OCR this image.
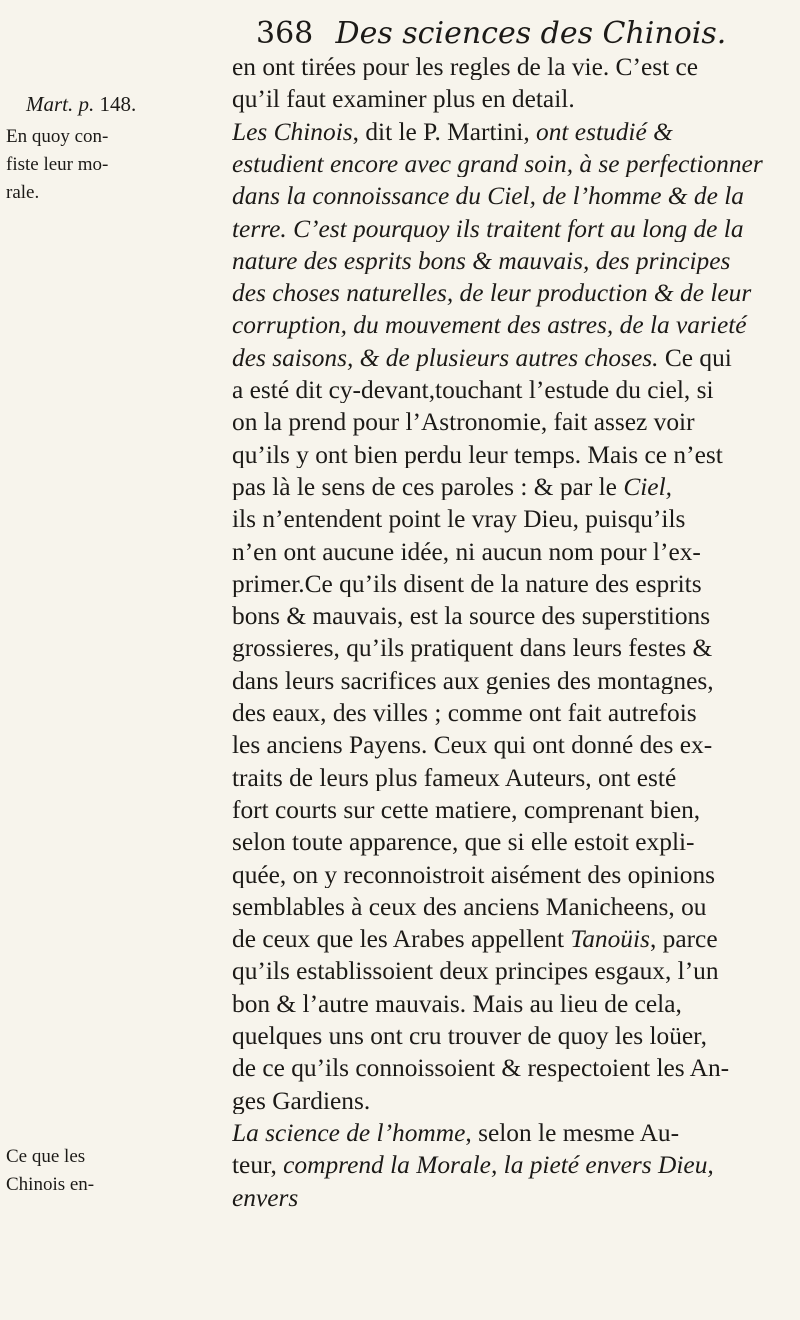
368 Des sciences des Chinois.
Mart. p. 148.
En quoy con-
fiste leur mo-
rale.
Ce que les
Chinois en-
en ont tirées pour les regles de la vie. C’est ce
qu’il faut examiner plus en detail.
Les Chinois, dit le P. Martini, ont estudié &
estudient encore avec grand soin, à se perfectionner
dans la connoissance du Ciel, de l’homme & de la
terre. C’est pourquoy ils traitent fort au long de la
nature des esprits bons & mauvais, des principes
des choses naturelles, de leur production & de leur
corruption, du mouvement des astres, de la varieté
des saisons, & de plusieurs autres choses. Ce qui
a esté dit cy-devant,touchant l’estude du ciel, si
on la prend pour l’Astronomie, fait assez voir
qu’ils y ont bien perdu leur temps. Mais ce n’est
pas là le sens de ces paroles : & par le Ciel,
ils n’entendent point le vray Dieu, puisqu’ils
n’en ont aucune idée, ni aucun nom pour l’ex-
primer.Ce qu’ils disent de la nature des esprits
bons & mauvais, est la source des superstitions
grossieres, qu’ils pratiquent dans leurs festes &
dans leurs sacrifices aux genies des montagnes,
des eaux, des villes ; comme ont fait autrefois
les anciens Payens. Ceux qui ont donné des ex-
traits de leurs plus fameux Auteurs, ont esté
fort courts sur cette matiere, comprenant bien,
selon toute apparence, que si elle estoit expli-
quée, on y reconnoistroit aisément des opinions
semblables à ceux des anciens Manicheens, ou
de ceux que les Arabes appellent Tanoüis, parce
qu’ils establissoient deux principes esgaux, l’un
bon & l’autre mauvais. Mais au lieu de cela,
quelques uns ont cru trouver de quoy les loüer,
de ce qu’ils connoissoient & respectoient les An-
ges Gardiens.
La science de l’homme, selon le mesme Au-
teur, comprend la Morale, la pieté envers Dieu,
envers
